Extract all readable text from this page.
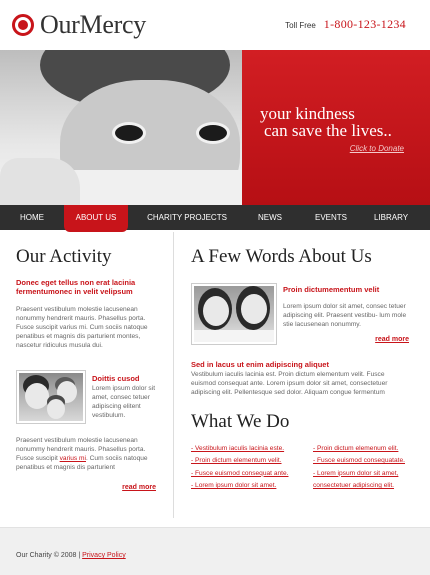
OurMercy	Toll Free 1-800-123-1234
your kindness
can save the lives..
Click to Donate
HOME	ABOUT US	CHARITY PROJECTS	NEWS	EVENTS	LIBRARY
Our Activity
Donec eget tellus non erat lacinia fermentumonec in velit velipsum
Praesent vestibulum molestie lacusenean nonummy hendrerit mauris. Phasellus porta. Fusce suscipit varius mi. Cum sociis natoque penatibus et magnis dis parturient montes, nascetur ridiculus musula dui.
Doittis cusod
Lorem ipsum dolor sit amet, consec tetuer adipiscing elitent vestibulum.
Praesent vestibulum molestie lacusenean nonummy hendrerit mauris. Phasellus porta. Fusce suscipit varius mi. Cum sociis natoque penatibus et magnis dis parturient
read more
A Few Words About Us
Proin dictumementum velit
Lorem ipsum dolor sit amet, consec tetuer adipiscing elit. Praesent vestibu- lum mole stie lacusenean nonummy.
read more
Sed in lacus ut enim adipiscing aliquet
Vestibulum iaculis lacinia est. Proin dictum elementum velit. Fusce euismod consequat ante. Lorem ipsum dolor sit amet, consectetuer adipiscing elit. Pellentesque sed dolor. Aliquam congue fermentum
What We Do
- Vestibulum iaculis lacinia este.
- Proin dictum elementum velit.
- Fusce euismod consequat ante.
- Lorem ipsum dolor sit amet.
- Proin dictum elemenum elit.
- Fusce euismod consequatate.
- Lorem ipsum dolor sit amet,
consectetuer adipiscing elit.
Our Charity © 2008 | Privacy Policy
